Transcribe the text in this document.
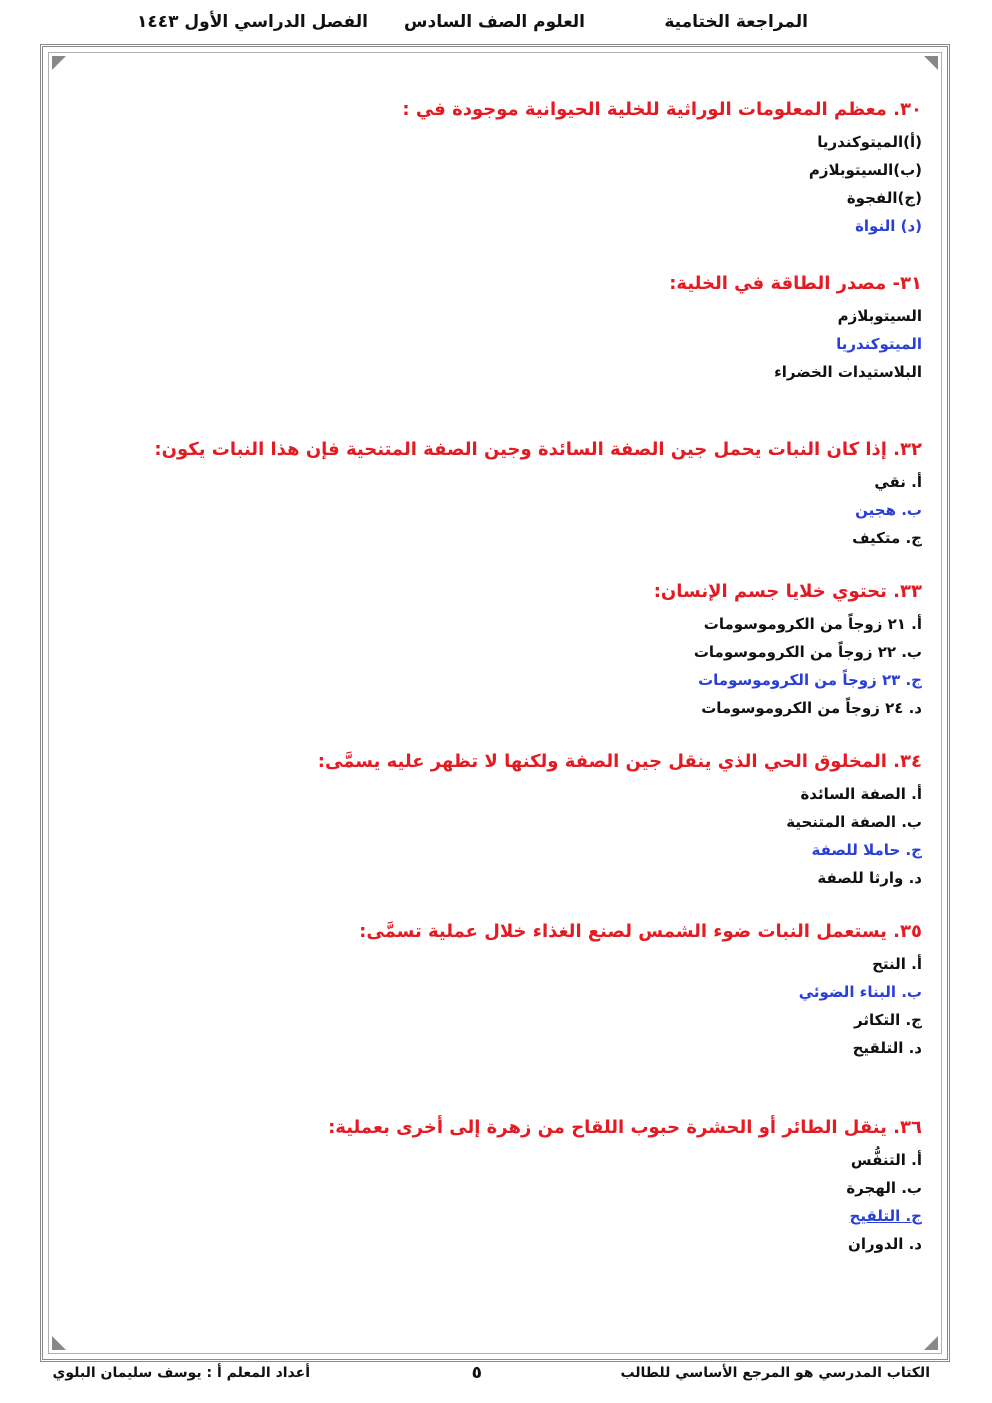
المراجعة الختامية
العلوم الصف السادس
الفصل الدراسي الأول ١٤٤٣
٣٠. معظم المعلومات الوراثية للخلية الحيوانية موجودة في :
(أ)الميتوكندريا
(ب)السيتوبلازم
(ج)الفجوة
(د) النواة
٣١- مصدر الطاقة في الخلية:
السيتوبلازم
الميتوكندريا
البلاستيدات الخضراء
٣٢. إذا كان النبات يحمل جين الصفة السائدة وجين الصفة المتنحية فإن هذا النبات يكون:
أ. نقي
ب. هجين
ج. متكيف
٣٣. تحتوي خلايا جسم الإنسان:
أ. ٢١ زوجاً من الكروموسومات
ب. ٢٢ زوجاً من الكروموسومات
ج. ٢٣ زوجاً من الكروموسومات
د. ٢٤ زوجاً من الكروموسومات
٣٤. المخلوق الحي الذي ينقل جين الصفة ولكنها لا تظهر عليه يسمَّى:
أ. الصفة السائدة
ب. الصفة المتنحية
ج. حاملا للصفة
د. وارثا للصفة
٣٥. يستعمل النبات ضوء الشمس لصنع الغذاء خلال عملية تسمَّى:
أ. النتح
ب. البناء الضوئي
ج. التكاثر
د. التلقيح
٣٦. ينقل الطائر أو الحشرة حبوب اللقاح من زهرة إلى أخرى بعملية:
أ. التنفُّس
ب. الهجرة
ج. التلقيح
د. الدوران
الكتاب المدرسي هو المرجع الأساسي للطالب
٥
أعداد المعلم أ : يوسف سليمان البلوي
